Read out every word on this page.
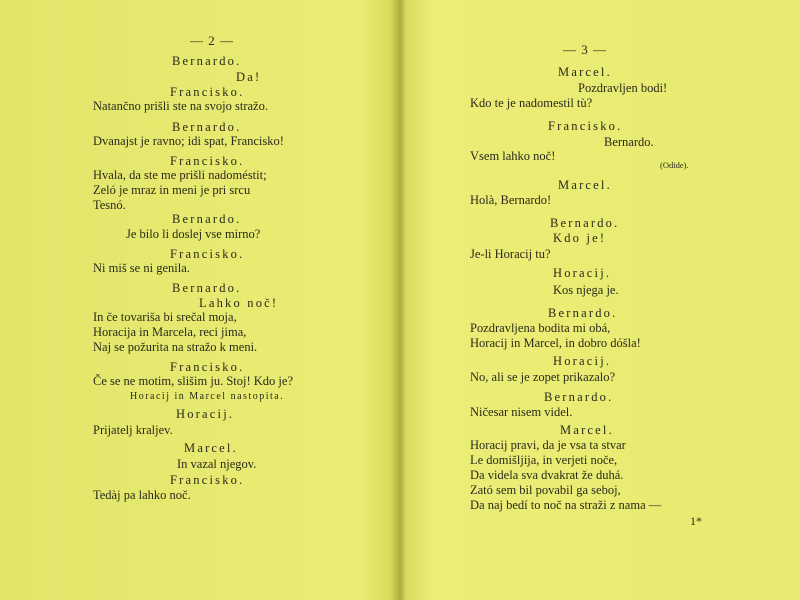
— 2 —
Bernardo.
Da!
Francisko.
Natančno prišli ste na svojo stražo.
Bernardo.
Dvanajst je ravno; idi spat, Francisko!
Francisko.
Hvala, da ste me prišli nadoméstit;
Zeló je mraz in meni je pri srcu
Tesnó.
Bernardo.
Je bilo li doslej vse mirno?
Francisko.
Ni miš se ni genila.
Bernardo.
Lahko noč!
In če tovariša bi srečal moja,
Horacija in Marcela, reci jima,
Naj se požurita na stražo k meni.
Francisko.
Če se ne motim, slišim ju. Stoj! Kdo je?
Horacij in Marcel nastopita.
Horacij.
Prijatelj kraljev.
Marcel.
In vazal njegov.
Francisko.
Tedàj pa lahko noč.
— 3 —
Marcel.
Pozdravljen bodi!
Kdo te je nadomestil tù?
Francisko.
Bernardo.
Vsem lahko noč!
(Odide).
Marcel.
Holà, Bernardo!
Bernardo.
Kdo je!
Je-li Horacij tu?
Horacij.
Kos njega je.
Bernardo.
Pozdravljena bodita mi obá,
Horacij in Marcel, in dobro dóšla!
Horacij.
No, ali se je zopet prikazalo?
Bernardo.
Ničesar nisem videl.
Marcel.
Horacij pravi, da je vsa ta stvar
Le domišljija, in verjeti noče,
Da videla sva dvakrat že duhá.
Zató sem bil povabil ga seboj,
Da naj bedí to noč na straži z nama —
1*
